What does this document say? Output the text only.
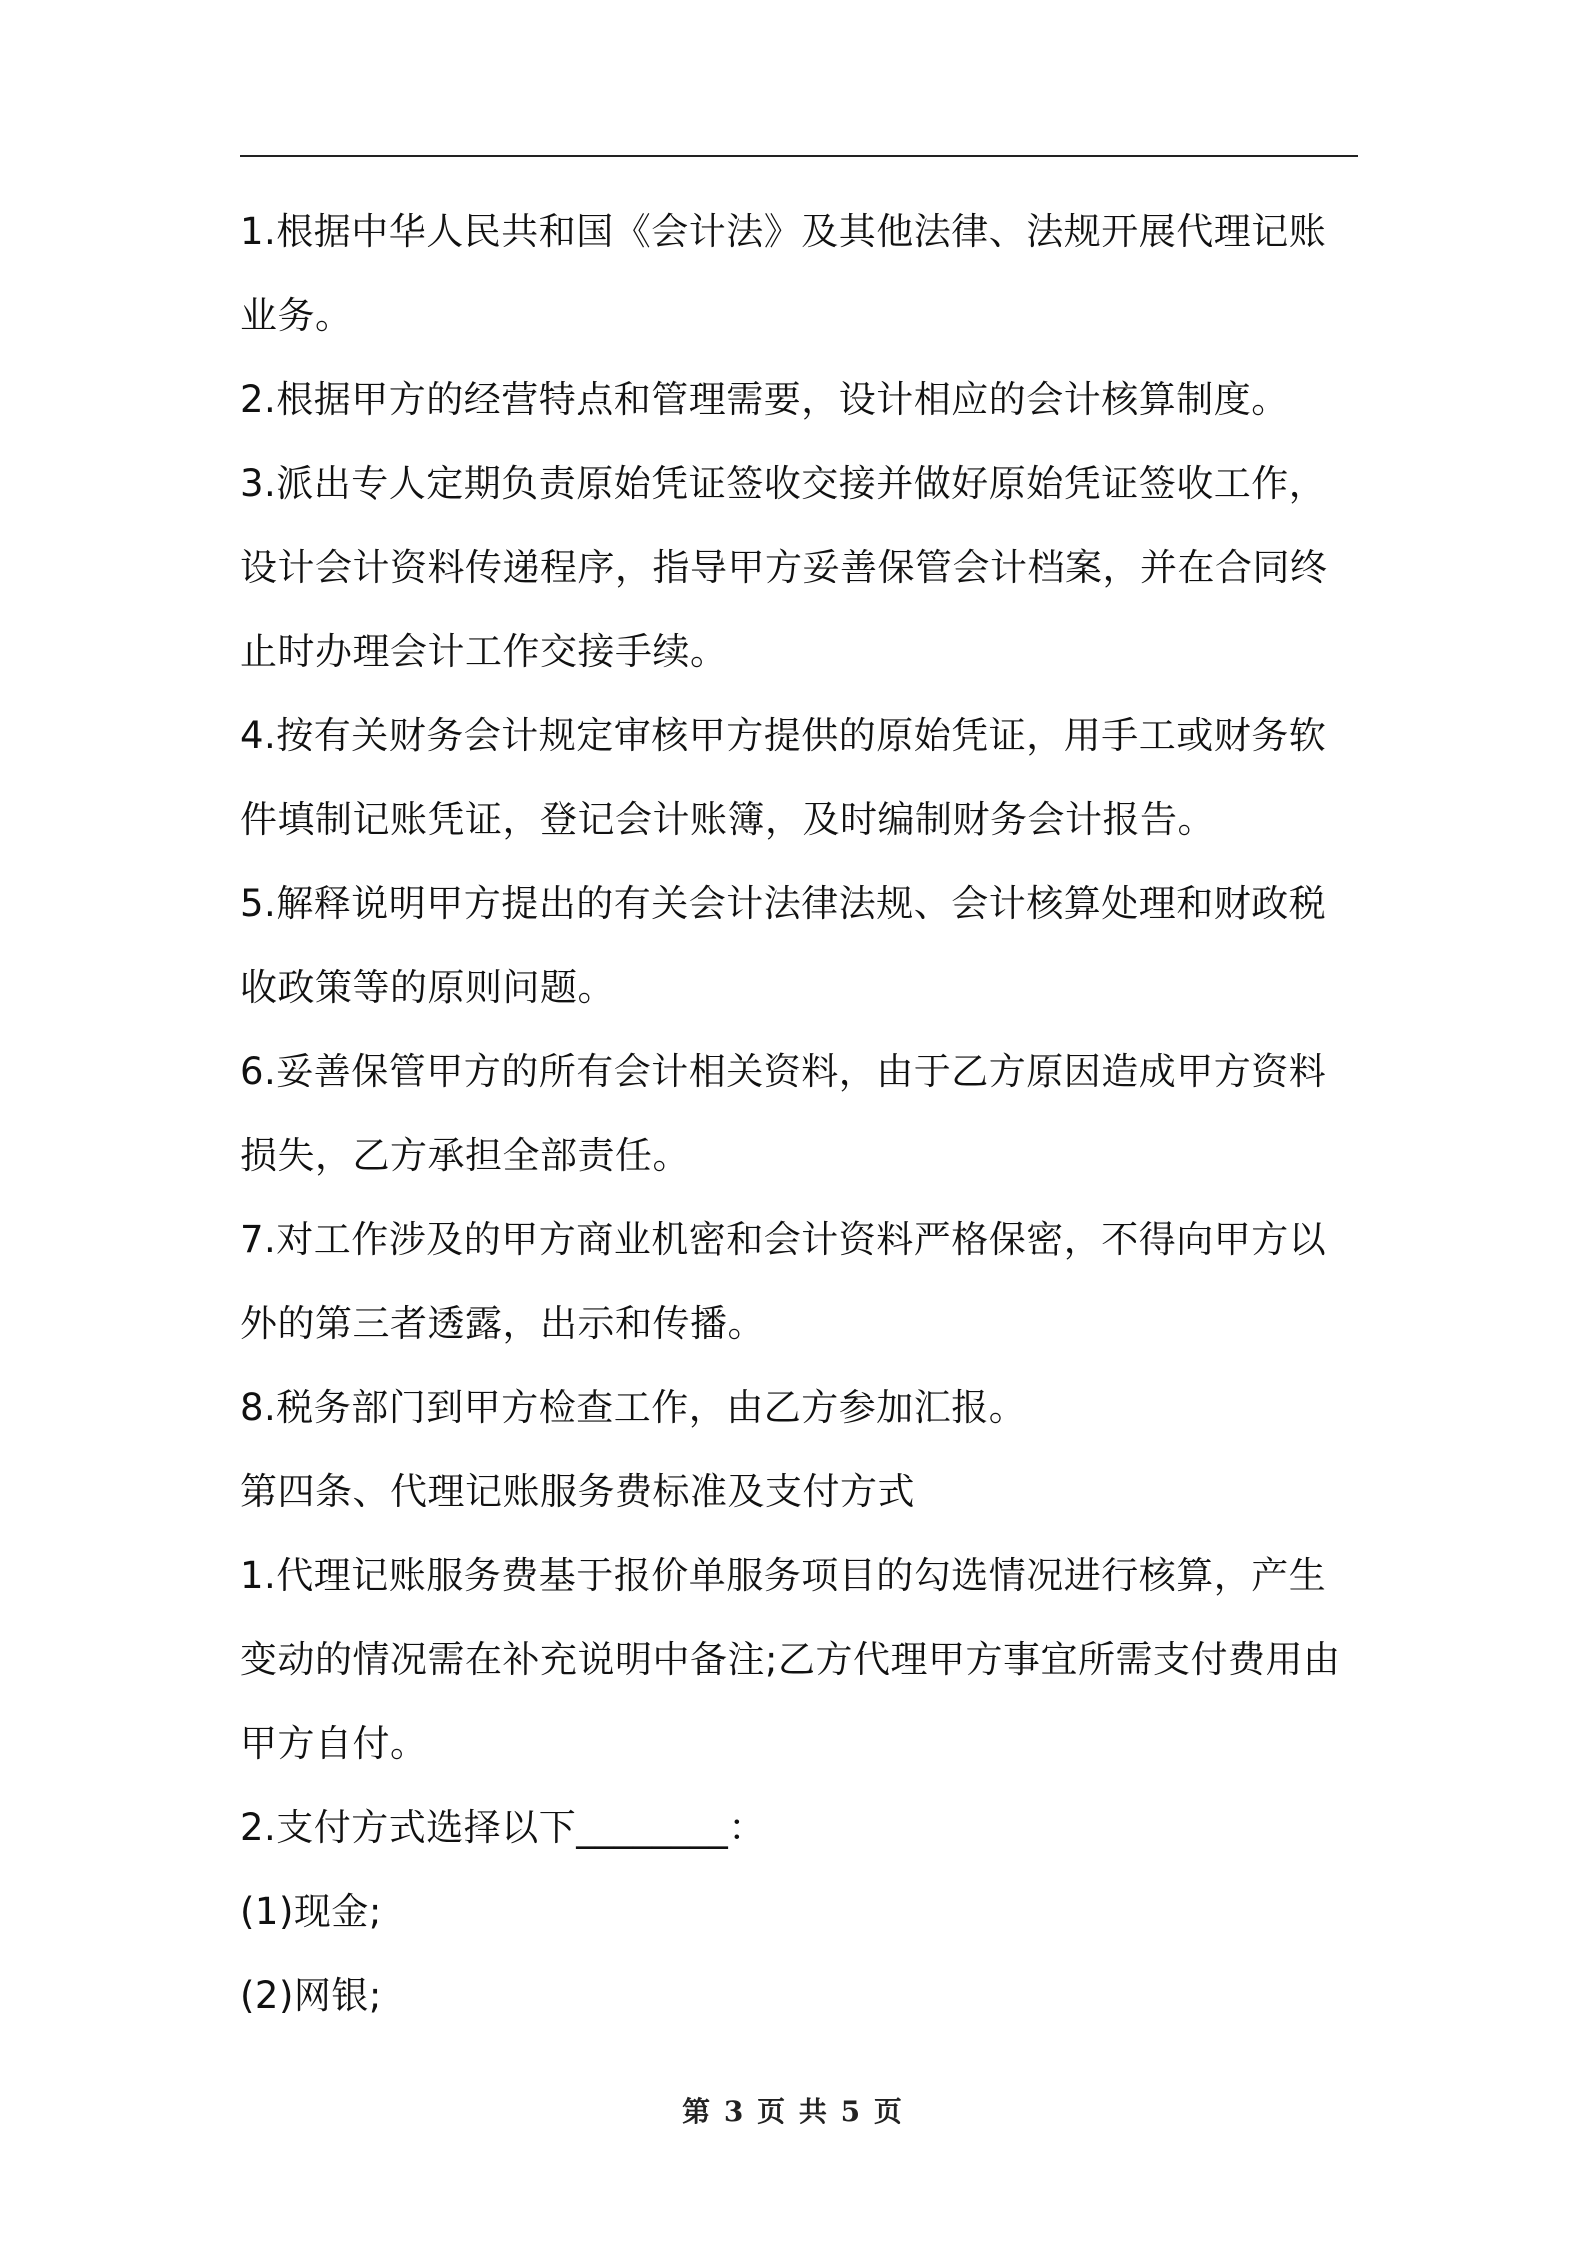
1.根据中华人民共和国《会计法》及其他法律、法规开展代理记账业务。

2.根据甲方的经营特点和管理需要，设计相应的会计核算制度。

3.派出专人定期负责原始凭证签收交接并做好原始凭证签收工作，设计会计资料传递程序，指导甲方妥善保管会计档案，并在合同终止时办理会计工作交接手续。

4.按有关财务会计规定审核甲方提供的原始凭证，用手工或财务软件填制记账凭证，登记会计账簿，及时编制财务会计报告。

5.解释说明甲方提出的有关会计法律法规、会计核算处理和财政税收政策等的原则问题。

6.妥善保管甲方的所有会计相关资料，由于乙方原因造成甲方资料损失，乙方承担全部责任。

7.对工作涉及的甲方商业机密和会计资料严格保密，不得向甲方以外的第三者透露，出示和传播。

8.税务部门到甲方检查工作，由乙方参加汇报。

第四条、代理记账服务费标准及支付方式

1.代理记账服务费基于报价单服务项目的勾选情况进行核算，产生变动的情况需在补充说明中备注;乙方代理甲方事宜所需支付费用由甲方自付。

2.支付方式选择以下________：

(1)现金;

(2)网银;

第 3 页 共 5 页
